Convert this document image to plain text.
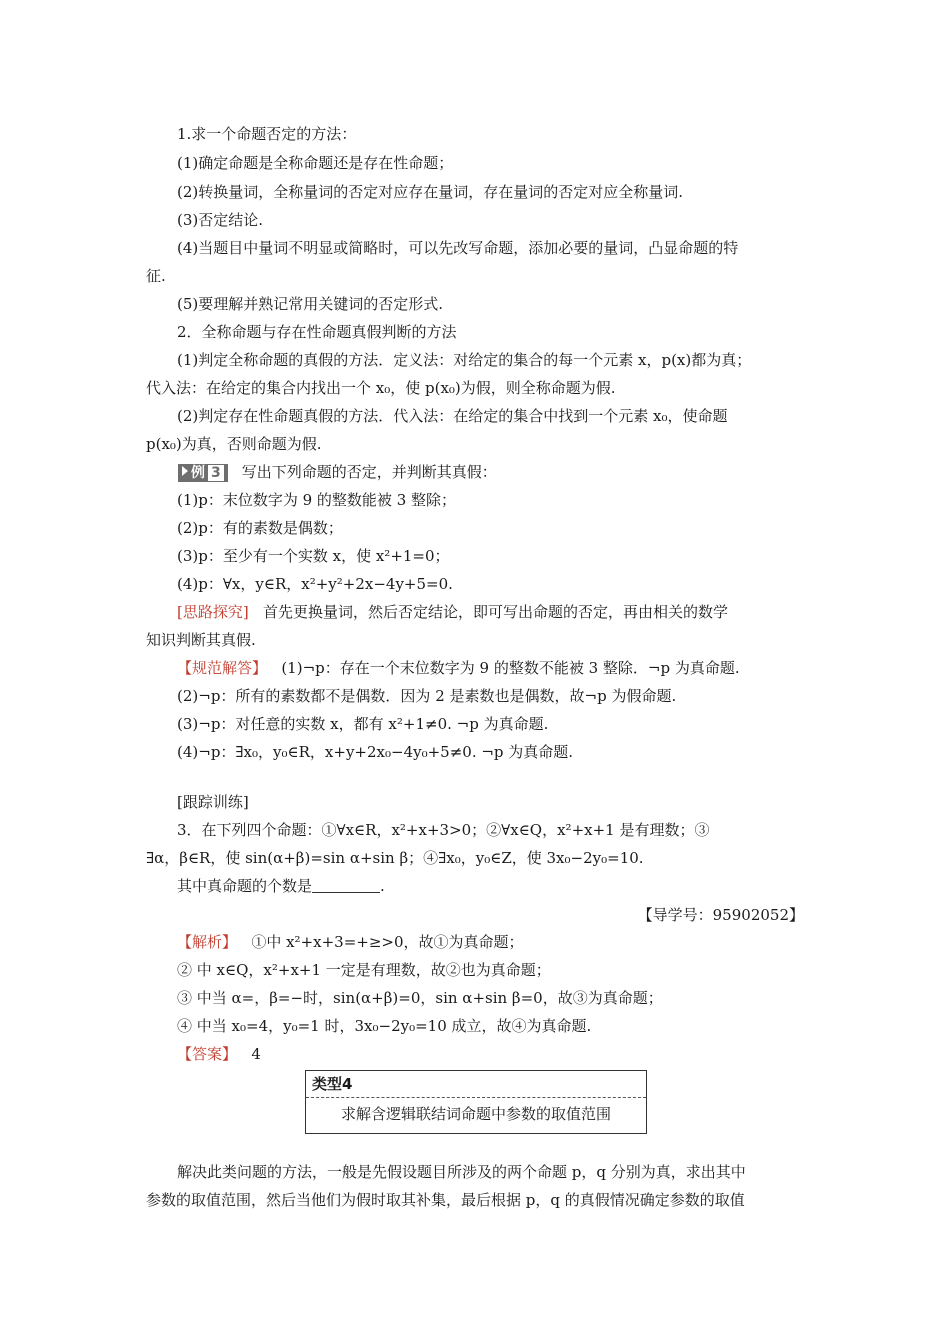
1.求一个命题否定的方法：
(1)确定命题是全称命题还是存在性命题；
(2)转换量词，全称量词的否定对应存在量词，存在量词的否定对应全称量词.
(3)否定结论.
(4)当题目中量词不明显或简略时，可以先改写命题，添加必要的量词，凸显命题的特
征.
(5)要理解并熟记常用关键词的否定形式.
2．全称命题与存在性命题真假判断的方法
(1)判定全称命题的真假的方法．定义法：对给定的集合的每一个元素 x，p(x)都为真；
代入法：在给定的集合内找出一个 x₀，使 p(x₀)为假，则全称命题为假.
(2)判定存在性命题真假的方法．代入法：在给定的集合中找到一个元素 x₀，使命题
p(x₀)为真，否则命题为假.
例 3 写出下列命题的否定，并判断其真假：
(1)p：末位数字为 9 的整数能被 3 整除；
(2)p：有的素数是偶数；
(3)p：至少有一个实数 x，使 x²+1=0；
(4)p：∀x，y∈R，x²+y²+2x−4y+5=0.
[思路探究] 首先更换量词，然后否定结论，即可写出命题的否定，再由相关的数学
知识判断其真假.
【规范解答】 (1)¬p：存在一个末位数字为 9 的整数不能被 3 整除．¬p 为真命题.
(2)¬p：所有的素数都不是偶数．因为 2 是素数也是偶数，故¬p 为假命题.
(3)¬p：对任意的实数 x，都有 x²+1≠0. ¬p 为真命题.
(4)¬p：∃x₀，y₀∈R，x+y+2x₀−4y₀+5≠0. ¬p 为真命题.
[跟踪训练]
3．在下列四个命题：①∀x∈R，x²+x+3>0；②∀x∈Q，x²+x+1 是有理数；③
∃α，β∈R，使 sin(α+β)=sin α+sin β；④∃x₀，y₀∈Z，使 3x₀−2y₀=10.
其中真命题的个数是	.
【导学号：95902052】
【解析】 ①中 x²+x+3=+≥>0，故①为真命题；
② 中 x∈Q，x²+x+1 一定是有理数，故②也为真命题；
③ 中当 α=，β=−时，sin(α+β)=0，sin α+sin β=0，故③为真命题；
④ 中当 x₀=4，y₀=1 时，3x₀−2y₀=10 成立，故④为真命题.
【答案】 4
类型4
求解含逻辑联结词命题中参数的取值范围
解决此类问题的方法，一般是先假设题目所涉及的两个命题 p，q 分别为真，求出其中
参数的取值范围，然后当他们为假时取其补集，最后根据 p，q 的真假情况确定参数的取值
